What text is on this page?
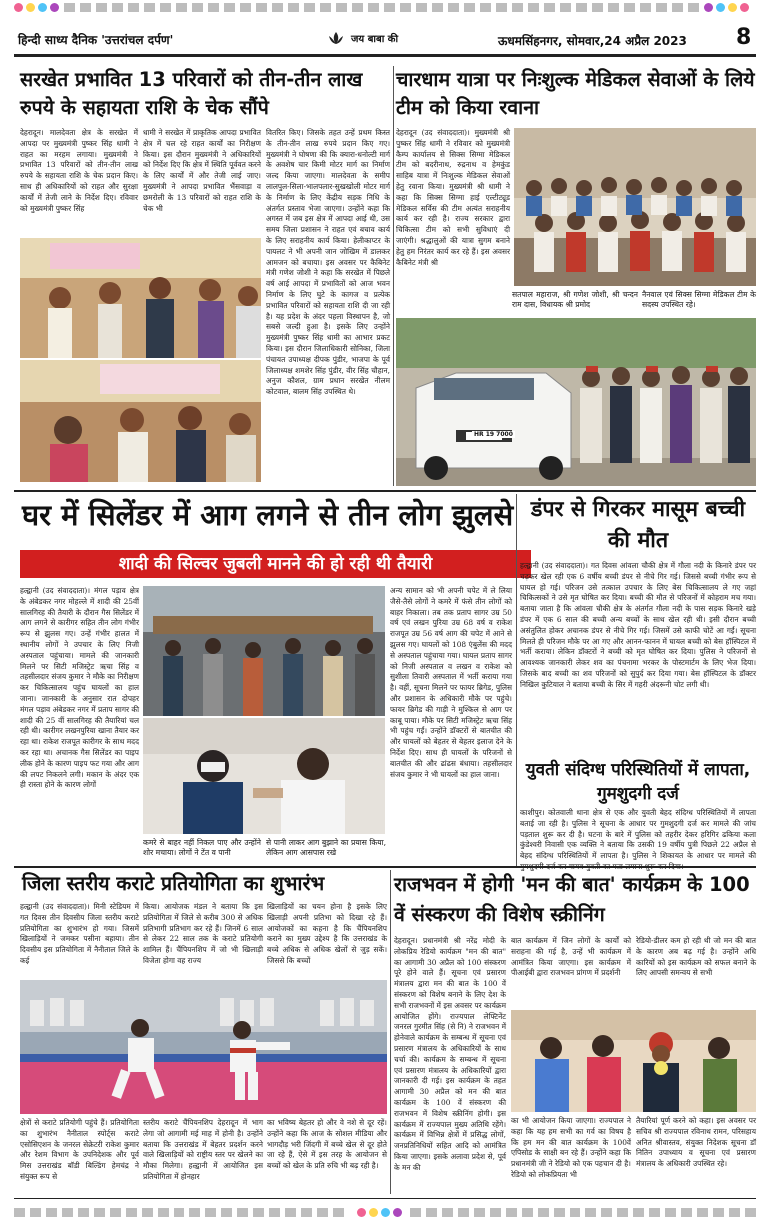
हिन्दी साध्य दैनिक 'उत्तरांचल दर्पण'	जय बाबा की	ऊधमसिंहनगर, सोमवार,24 अप्रैल 2023 8
सरखेत प्रभावित 13 परिवारों को तीन-तीन लाख रुपये के सहायता राशि के चेक सौंपे
देहरादून। मालदेवता क्षेत्र के सरखेत में आपदा पर मुख्यमंत्री पुष्कर सिंह धामी ने राहत का मरहम लगाया। मुख्यमंत्री ने प्रभावित 13 परिवारों को तीन-तीन लाख रुपये के सहायता राशि के चेक प्रदान किए। साथ ही अधिकारियों को राहत और सुरक्षा कार्यों में तेजी लाने के निर्देश दिए। रविवार को मुख्यमंत्री पुष्कर सिंह
धामी ने सरखेत में प्राकृतिक आपदा प्रभावित क्षेत्र में चल रहे राहत कार्यों का निरीक्षण किया। इस दौरान मुख्यमंत्री ने अधिकारियों को निर्देश दिए कि क्षेत्र में स्थिति पूर्ववत करने के लिए कार्यों में और तेजी लाई जाए। मुख्यमंत्री ने आपदा प्रभावित भैंसवाड़ा व छमरोली के 13 परिवारों को राहत राशि के चेक भी
वितरित किए। जिसके तहत उन्हें प्रथम किस्त के तीन-तीन लाख रुपये प्रदान किए गए। मुख्यमंत्री ने घोषणा की कि क्यारा-धनोल्टी मार्ग के अवशेष चार किमी मोटर मार्ग का निर्माण जल्द किया जाएगा। मालदेवता के समीप लालपुल-सिला-भालपलार-सुखखोली मोटर मार्ग के निर्माण के लिए केंद्रीय सड़क निधि के अंतर्गत प्रस्ताव भेजा जाएगा। उन्होंने कहा कि अगस्त में जब इस क्षेत्र में आपदा आई थी, उस समय जिला प्रशासन ने राहत एवं बचाव कार्य के लिए सराहनीय कार्य किया। हेलीकाप्टर के पायलट ने भी अपनी जान जोखिम में डालकर आमजन को बचाया। इस अवसर पर कैबिनेट मंत्री गणेश जोशी ने कहा कि सरखेत में पिछले वर्ष आई आपदा में प्रभावितों को आज भवन निर्माण के लिए घुटे के कागज व प्रत्येक प्रभावित परिवारों को सहायता राशि दी जा रही है। यह प्रदेश के अंदर पहला विस्थापन है, जो सबसे जल्दी हुआ है। इसके लिए उन्होंने मुख्यमंत्री पुष्कर सिंह धामी का आभार प्रकट किया। इस दौरान जिलाधिकारी सोनिका, जिला पंचायत उपाध्यक्ष दीपक पुंडीर, भाजपा के पूर्व जिलाध्यक्ष शमशेर सिंह पुंडीर, वीर सिंह चौहान, अनुज कौशल, ग्राम प्रधान सरखेत नीलम कोटवाल, बालम सिंह उपस्थित थे।
चारधाम यात्रा पर निःशुल्क मेडिकल सेवाओं के लिये टीम को किया रवाना
देहरादून (उद संवाददाता)। मुख्यमंत्री श्री पुष्कर सिंह धामी ने रविवार को मुख्यमंत्री कैम्प कार्यालय से सिक्स सिग्मा मेडिकल टीम को बदरीनाथ, रुद्रनाथ व हेमकुंड साहिब यात्रा में निःशुल्क मेडिकल सेवाओं हेतु रवाना किया। मुख्यमंत्री श्री धामी ने कहा कि सिक्स सिग्मा हाई एल्टीट्यूड मेडिकल सर्विस की टीम अत्यंत सराहनीय कार्य कर रही है। राज्य सरकार द्वारा चिकित्सा टीम को सभी सुविधाएं दी जाएंगी। श्रद्धालुओं की यात्रा सुगम बनाने हेतु हम निरंतर कार्य कर रहे हैं। इस अवसर कैबिनेट मंत्री श्री
सतपाल महाराज, श्री गणेश जोशी, श्री चन्दन राम दास, विधायक श्री प्रमोद
नैनवाल एवं सिक्स सिग्मा मेडिकल टीम के सदस्य उपस्थित रहे।
HR 19 7000
घर में सिलेंडर में आग लगने से तीन लोग झुलसे
शादी की सिल्वर जुबली मानने की हो रही थी तैयारी
हल्द्वानी (उद संवाददाता)। मंगल पड़ाव क्षेत्र के अंबेडकर नगर मोहल्ले में शादी की 25वीं सालगिरह की तैयारी के दौरान गैस सिलेंडर में आग लगने से कारीगर सहित तीन लोग गंभीर रूप से झुलस गए। उन्हें गंभीर हालत में स्थानीय लोगों ने उपचार के लिए निजी अस्पताल पहुंचाया। मामले की जानकारी मिलने पर सिटी मजिस्ट्रेट ऋचा सिंह व तहसीलदार संजय कुमार ने मौके का निरीक्षण कर चिकित्सालय पहुंच घायलों का हाल जाना। जानकारी के अनुसार रात दोपहर मंगल पड़ाव अंबेडकर नगर में प्रताप सागर की शादी की 25 वीं सालगिरह की तैयारियां चल रही थी। कारीगर लखनपुरिया खाना तैयार कर रहा था। राकेश राजपूत कारीगर के साथ मदद कर रहा था। अचानक गैस सिलेंडर का पाइप लीक होने के कारण पाइप फट गया और आग की लपट निकलने लगी। मकान के अंदर एक ही रास्ता होने के कारण लोगों
कमरे से बाहर नहीं निकल पाए और उन्होंने शोर मचाया। लोगों ने टेंत व पानी
से पानी लाकर आग बुझाने का प्रयास किया, लेकिन आग आसपास रखे
अन्य सामान को भी अपनी चपेट में ले लिया जैसे-तैसे लोगों ने कमरे में फंसे तीन लोगों को बाहर निकाला। तब तक प्रताप सागर उम्र 50 वर्ष एवं लखन पुरिया उम्र 68 वर्ष व राकेश राजपूत उम्र 56 वर्ष आग की चपेट में आने से झुलस गए। घायलों को 108 एंबुलेंस की मदद से अस्पताल पहुंचाया गया। घायल प्रताप सागर को निजी अस्पताल व लखन व राकेश को सुशीला तिवारी अस्पताल में भर्ती कराया गया है। वहीं, सूचना मिलने पर फायर ब्रिगेड, पुलिस और प्रशासन के अधिकारी मौके पर पहुंचे। फायर ब्रिगेड की गाड़ी ने मुश्किल से आग पर काबू पाया। मौके पर सिटी मजिस्ट्रेट ऋचा सिंह भी पहुंच गईं। उन्होंने डॉक्टरों से बातचीत की और घायलों को बेहतर से बेहतर इलाज देने के निर्देश दिए। साथ ही घायलों के परिजनों से बातचीत की और ढांढस बंधाया। तहसीलदार संजय कुमार ने भी घायलों का हाल जाना।
डंपर से गिरकर मासूम बच्ची की मौत
हल्द्वानी (उद संवाददाता)। गत दिवस आंवला चौकी क्षेत्र में गौला नदी के किनारे डंपर पर चढ़कर खेल रही एक 6 वर्षीय बच्ची डंपर से नीचे गिर गई। जिससे बच्ची गंभीर रूप से घायल हो गई। परिजन उसे तत्काल उपचार के लिए बेस चिकित्सालय ले गए जहां चिकित्सकों ने उसे मृत घोषित कर दिया। बच्ची की मौत से परिजनों में कोहराम मच गया। बताया जाता है कि आंवला चौकी क्षेत्र के अंतर्गत गौला नदी के पास सड़क किनारे खड़े डंपर में एक 6 साल की बच्ची अन्य बच्चों के साथ खेल रही थी। इसी दौरान बच्ची असंतुलित होकर अचानक डंपर से नीचे गिर गई। जिसमें उसे काफी चोटें आ गईं। सूचना मिलते ही परिजन मौके पर आ गए और आनन-फानन में घायल बच्ची को बेस हॉस्पिटल में भर्ती कराया। लेकिन डॉक्टरों ने बच्ची को मृत घोषित कर दिया। पुलिस ने परिजनों से आवश्यक जानकारी लेकर शव का पंचनामा भरकर के पोस्टमार्टम के लिए भेज दिया। जिसके बाद बच्ची का शव परिजनों को सुपुर्द कर दिया गया। बेस हॉस्पिटल के डॉक्टर निखिल कुटियाल ने बताया बच्ची के सिर में गहरी अंदरूनी चोट लगी थी।
युवती संदिग्ध परिस्थितियों में लापता, गुमशुदगी दर्ज
काशीपुर। कोतवाली थाना क्षेत्र से एक और युवती बेहद संदिग्ध परिस्थितियों में लापता बताई जा रही है। पुलिस ने सूचना के आधार पर गुमशुदगी दर्ज कर मामले की जांच पड़ताल शुरू कर दी है। घटना के बारे में पुलिस को तहरीर देकर हरिगिर ढकिया कला कुंडेश्वरी निवासी एक व्यक्ति ने बताया कि उसकी 19 वर्षीय पुत्री पिछले 22 अप्रैल से बेहद संदिग्ध परिस्थितियों में लापता है। पुलिस ने शिकायत के आधार पर मामले की
जिला स्तरीय कराटे प्रतियोगिता का शुभारंभ
हल्द्वानी (उद संवाददाता)। मिनी स्टेडियम में गत दिवस तीन दिवसीय जिला स्तरीय कराटे प्रतियोगिता का शुभारंभ हो गया। जिसमें खिलाड़ियों ने जमकर पसीना बहाया। तीन दिवसीय इस प्रतियोगिता में नैनीताल जिले के कई
किया। आयोजक मंडल ने बताया कि इस प्रतियोगिता में जिले से करीब 300 से अधिक प्रतिभागी प्रतिभाग कर रहे हैं। जिनमें 6 साल से लेकर 22 साल तक के कराटे प्रतियोगी शामिल हैं। चैंपियनशिप में जो भी खिलाड़ी विजेता होगा वह राज्य
खिलाड़ियों का चयन होना है इसके लिए खिलाड़ी अपनी प्रतिभा को दिखा रहे हैं। आयोजकों का कहना है कि चैंपियनशिप कराने का मुख्य उद्देश्य है कि उत्तराखंड के बच्चे अधिक से अधिक खेलों से जुड़ सकें। जिससे कि बच्चों
क्षेत्रों से कराटे प्रतियोगी पहुंचे हैं। प्रतियोगिता का शुभारंभ नैनीताल स्पोर्ट्स कराटे एसोसिएशन के जनरल सेक्रेटरी राकेश कुमार और रेशम विभाग के उपनिदेशक और पूर्व मिस उत्तराखंड बॉडी बिल्डिंग हेमचंद्र ने संयुक्त रूप से
स्तरीय कराटे चैंपियनशिप देहरादून में भाग लेगा जो आगामी मई माह में होनी है। उन्होंने बताया कि उत्तराखंड में बेहतर प्रदर्शन करने वाले खिलाड़ियों को राष्ट्रीय स्तर पर खेलने का मौका मिलेगा। हल्द्वानी में आयोजित इस प्रतियोगिता में होनहार
का भविष्य बेहतर हो और वे नशे से दूर रहें। उन्होंने कहा कि आज के सोशल मीडिया और भागदौड़ भरी जिंदगी में बच्चे खेल से दूर होते जा रहे हैं, ऐसे में इस तरह के आयोजन से बच्चों को खेल के प्रति रुचि भी बढ़ रही है।
राजभवन में होगी 'मन की बात' कार्यक्रम के 100 वें संस्करण की विशेष स्क्रीनिंग
देहरादून। प्रधानमंत्री श्री नरेंद्र मोदी के लोकप्रिय रेडियो कार्यक्रम "मन की बात" का आगामी 30 अप्रैल को 100 संस्करण पूरे होने वाले हैं। सूचना एवं प्रसारण मंत्रालय द्वारा मन की बात के 100 वें संस्करण को विशेष बनाने के लिए देश के सभी राजभवनों में इस अवसर पर कार्यक्रम आयोजित होंगे। राज्यपाल लेफ्टिनेंट जनरल गुरमीत सिंह (से नि) ने राजभवन में होनेवाले कार्यक्रम के सम्बन्ध में सूचना एवं प्रसारण मंत्रालय के अधिकारियों के साथ चर्चा की। कार्यक्रम के सम्बन्ध में सूचना एवं प्रसारण मंत्रालय के अधिकारियों द्वारा जानकारी दी गई। इस कार्यक्रम के तहत आगामी 30 अप्रैल को मन की बात कार्यक्रम के 100 वें संस्करण की राजभवन में विशेष स्क्रीनिंग होगी। इस कार्यक्रम में राज्यपाल मुख्य अतिथि रहेंगे। कार्यक्रम में विभिन्न क्षेत्रों में प्रसिद्ध लोगों, जनप्रतिनिधियों सहित आदि को आमंत्रित किया जाएगा। इसके अलावा प्रदेश से, पूर्व के मन की
बात कार्यक्रम में जिन लोगों के कार्यों को सराहना की गई है, उन्हें भी कार्यक्रम में आमंत्रित किया जाएगा। इस कार्यक्रम में पीआईबी द्वारा राजभवन प्रांगण में प्रदर्शनी
रेडियो-डीलर कम हो रही थी जो मन की बात के कारण अब बढ़ गई है। उन्होंने अधि कारियों को इस कार्यक्रम को सफल बनाने के लिए आपसी समन्वय से सभी
का भी आयोजन किया जाएगा। राज्यपाल ने कहा कि यह हम सभी का गर्व का विषय है कि हम मन की बात कार्यक्रम के 100वें एपिसोड के साक्षी बन रहे हैं। उन्होंने कहा कि प्रधानमंत्री जी ने रेडियो को एक पहचान दी है। रेडियो को लोकप्रियता भी
तैयारियां पूर्ण करने को कहा। इस अवसर पर सचिव श्री राज्यपाल रविनाथ रामन, परिसहाय अनित श्रीवास्तव, संयुक्त निदेशक सूचना डॉ नितिन उपाध्याय व सूचना एवं प्रसारण मंत्रालय के अधिकारी उपस्थित रहे।
